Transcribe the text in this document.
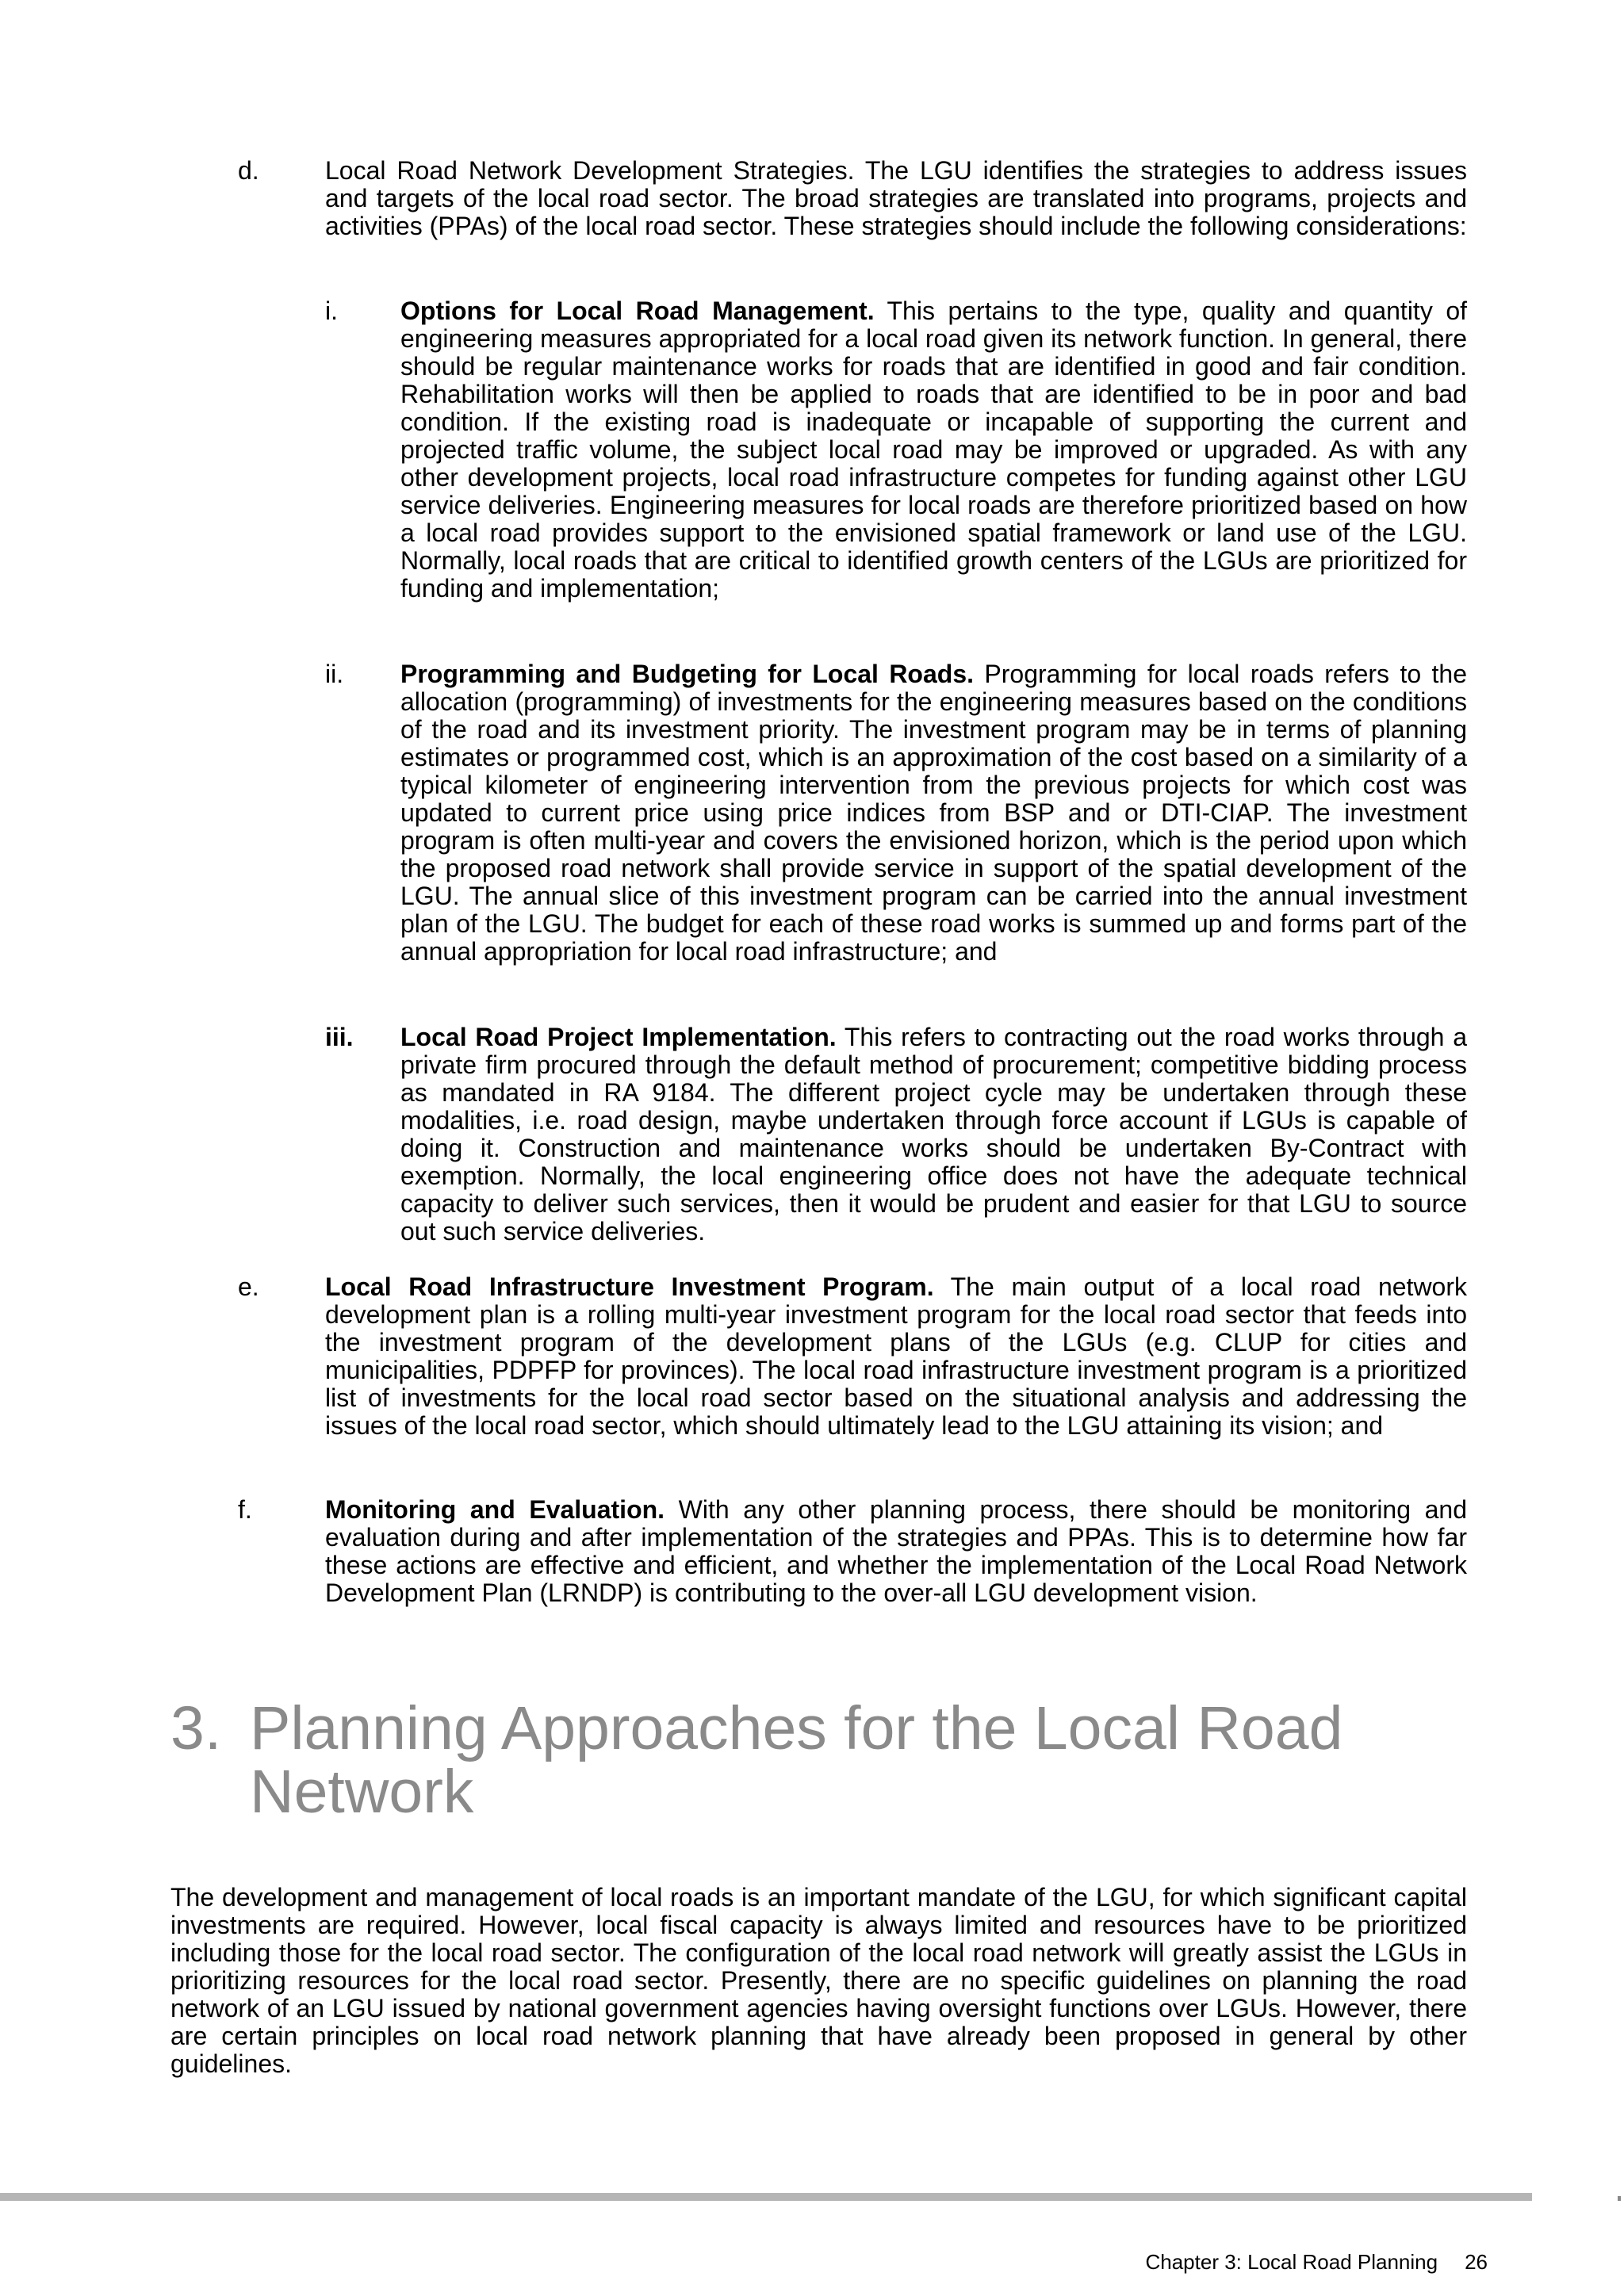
d.	Local Road Network Development Strategies. The LGU identifies the strategies to address issues and targets of the local road sector. The broad strategies are translated into programs, projects and activities (PPAs) of the local road sector. These strategies should include the following considerations:
i. Options for Local Road Management. This pertains to the type, quality and quantity of engineering measures appropriated for a local road given its network function. In general, there should be regular maintenance works for roads that are identified in good and fair condition. Rehabilitation works will then be applied to roads that are identified to be in poor and bad condition. If the existing road is inadequate or incapable of supporting the current and projected traffic volume, the subject local road may be improved or upgraded. As with any other development projects, local road infrastructure competes for funding against other LGU service deliveries. Engineering measures for local roads are therefore prioritized based on how a local road provides support to the envisioned spatial framework or land use of the LGU. Normally, local roads that are critical to identified growth centers of the LGUs are prioritized for funding and implementation;
ii. Programming and Budgeting for Local Roads. Programming for local roads refers to the allocation (programming) of investments for the engineering measures based on the conditions of the road and its investment priority. The investment program may be in terms of planning estimates or programmed cost, which is an approximation of the cost based on a similarity of a typical kilometer of engineering intervention from the previous projects for which cost was updated to current price using price indices from BSP and or DTI-CIAP. The investment program is often multi-year and covers the envisioned horizon, which is the period upon which the proposed road network shall provide service in support of the spatial development of the LGU. The annual slice of this investment program can be carried into the annual investment plan of the LGU. The budget for each of these road works is summed up and forms part of the annual appropriation for local road infrastructure; and
iii. Local Road Project Implementation. This refers to contracting out the road works through a private firm procured through the default method of procurement; competitive bidding process as mandated in RA 9184. The different project cycle may be undertaken through these modalities, i.e. road design, maybe undertaken through force account if LGUs is capable of doing it. Construction and maintenance works should be undertaken By-Contract with exemption. Normally, the local engineering office does not have the adequate technical capacity to deliver such services, then it would be prudent and easier for that LGU to source out such service deliveries.
e.	Local Road Infrastructure Investment Program. The main output of a local road network development plan is a rolling multi-year investment program for the local road sector that feeds into the investment program of the development plans of the LGUs (e.g. CLUP for cities and municipalities, PDPFP for provinces). The local road infrastructure investment program is a prioritized list of investments for the local road sector based on the situational analysis and addressing the issues of the local road sector, which should ultimately lead to the LGU attaining its vision; and
f.	Monitoring and Evaluation. With any other planning process, there should be monitoring and evaluation during and after implementation of the strategies and PPAs. This is to determine how far these actions are effective and efficient, and whether the implementation of the Local Road Network Development Plan (LRNDP) is contributing to the over-all LGU development vision.
3. Planning Approaches for the Local Road Network
The development and management of local roads is an important mandate of the LGU, for which significant capital investments are required. However, local fiscal capacity is always limited and resources have to be prioritized including those for the local road sector. The configuration of the local road network will greatly assist the LGUs in prioritizing resources for the local road sector. Presently, there are no specific guidelines on planning the road network of an LGU issued by national government agencies having oversight functions over LGUs. However, there are certain principles on local road network planning that have already been proposed in general by other guidelines.
Chapter 3: Local Road Planning 26
